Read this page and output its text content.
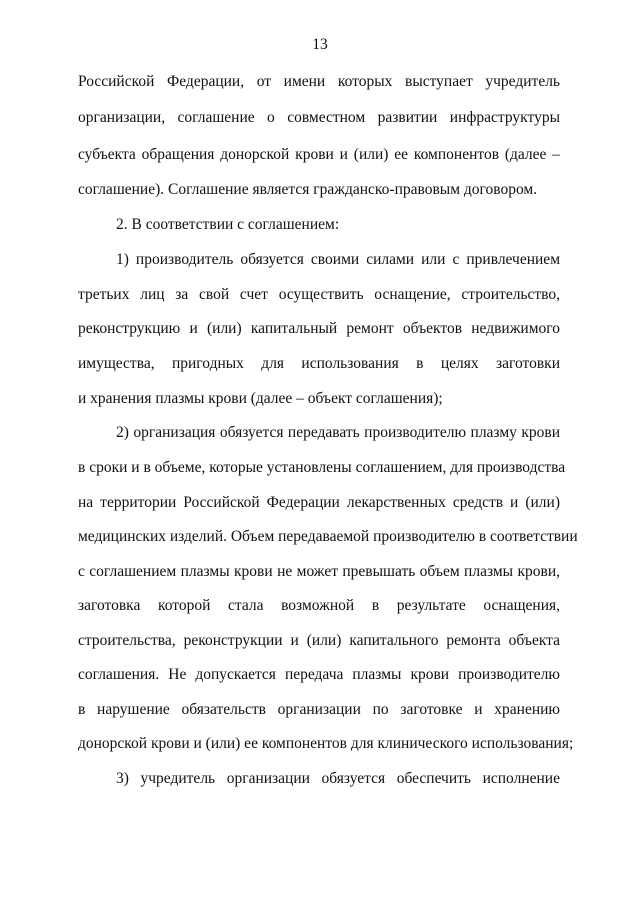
13
Российской Федерации, от имени которых выступает учредитель
организации, соглашение о совместном развитии инфраструктуры
субъекта обращения донорской крови и (или) ее компонентов (далее –
соглашение). Соглашение является гражданско-правовым договором.
2. В соответствии с соглашением:
1) производитель обязуется своими силами или с привлечением
третьих лиц за свой счет осуществить оснащение, строительство,
реконструкцию и (или) капитальный ремонт объектов недвижимого
имущества, пригодных для использования в целях заготовки
и хранения плазмы крови (далее – объект соглашения);
2) организация обязуется передавать производителю плазму крови
в сроки и в объеме, которые установлены соглашением, для производства
на территории Российской Федерации лекарственных средств и (или)
медицинских изделий. Объем передаваемой производителю в соответствии
с соглашением плазмы крови не может превышать объем плазмы крови,
заготовка которой стала возможной в результате оснащения,
строительства, реконструкции и (или) капитального ремонта объекта
соглашения. Не допускается передача плазмы крови производителю
в нарушение обязательств организации по заготовке и хранению
донорской крови и (или) ее компонентов для клинического использования;
3) учредитель организации обязуется обеспечить исполнение
